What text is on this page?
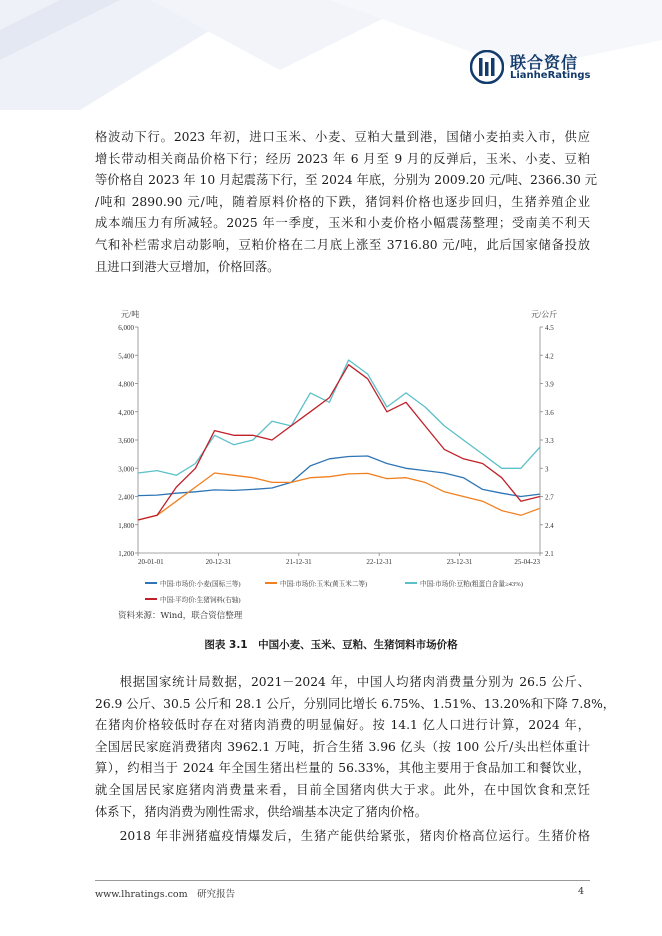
联合资信
LianheRatings
格波动下行。2023 年初，进口玉米、小麦、豆粕大量到港，国储小麦拍卖入市，供应
增长带动相关商品价格下行；经历 2023 年 6 月至 9 月的反弹后，玉米、小麦、豆粕
等价格自 2023 年 10 月起震荡下行，至 2024 年底，分别为 2009.20 元/吨、2366.30 元
/吨和 2890.90 元/吨，随着原料价格的下跌，猪饲料价格也逐步回归，生猪养殖企业
成本端压力有所减轻。2025 年一季度，玉米和小麦价格小幅震荡整理；受南美不利天
气和补栏需求启动影响，豆粕价格在二月底上涨至 3716.80 元/吨，此后国家储备投放
且进口到港大豆增加，价格回落。
元/吨	元/公斤
1,200
1,800
2,400
3,000
3,600
4,200
4,800
5,400
6,000
2.1
2.4
2.7
3
3.3
3.6
3.9
4.2
4.5
20-01-01	20-12-31	21-12-31	22-12-31	23-12-31	25-04-23
中国:市场价:小麦(国标三等)	中国:市场价:玉米(黄玉米二等)	中国:市场价:豆粕(粗蛋白含量≥43%)
中国:平均价:生猪饲料(右轴)
资料来源：Wind，联合资信整理
图表 3.1　中国小麦、玉米、豆粕、生猪饲料市场价格
根据国家统计局数据，2021－2024 年，中国人均猪肉消费量分别为 26.5 公斤、
26.9 公斤、30.5 公斤和 28.1 公斤，分别同比增长 6.75%、1.51%、13.20%和下降 7.8%，
在猪肉价格较低时存在对猪肉消费的明显偏好。按 14.1 亿人口进行计算，2024 年，
全国居民家庭消费猪肉 3962.1 万吨，折合生猪 3.96 亿头（按 100 公斤/头出栏体重计
算），约相当于 2024 年全国生猪出栏量的 56.33%，其他主要用于食品加工和餐饮业，
就全国居民家庭猪肉消费量来看，目前全国猪肉供大于求。此外，在中国饮食和烹饪
体系下，猪肉消费为刚性需求，供给端基本决定了猪肉价格。
2018 年非洲猪瘟疫情爆发后，生猪产能供给紧张，猪肉价格高位运行。生猪价格
www.lhratings.com　研究报告	4
